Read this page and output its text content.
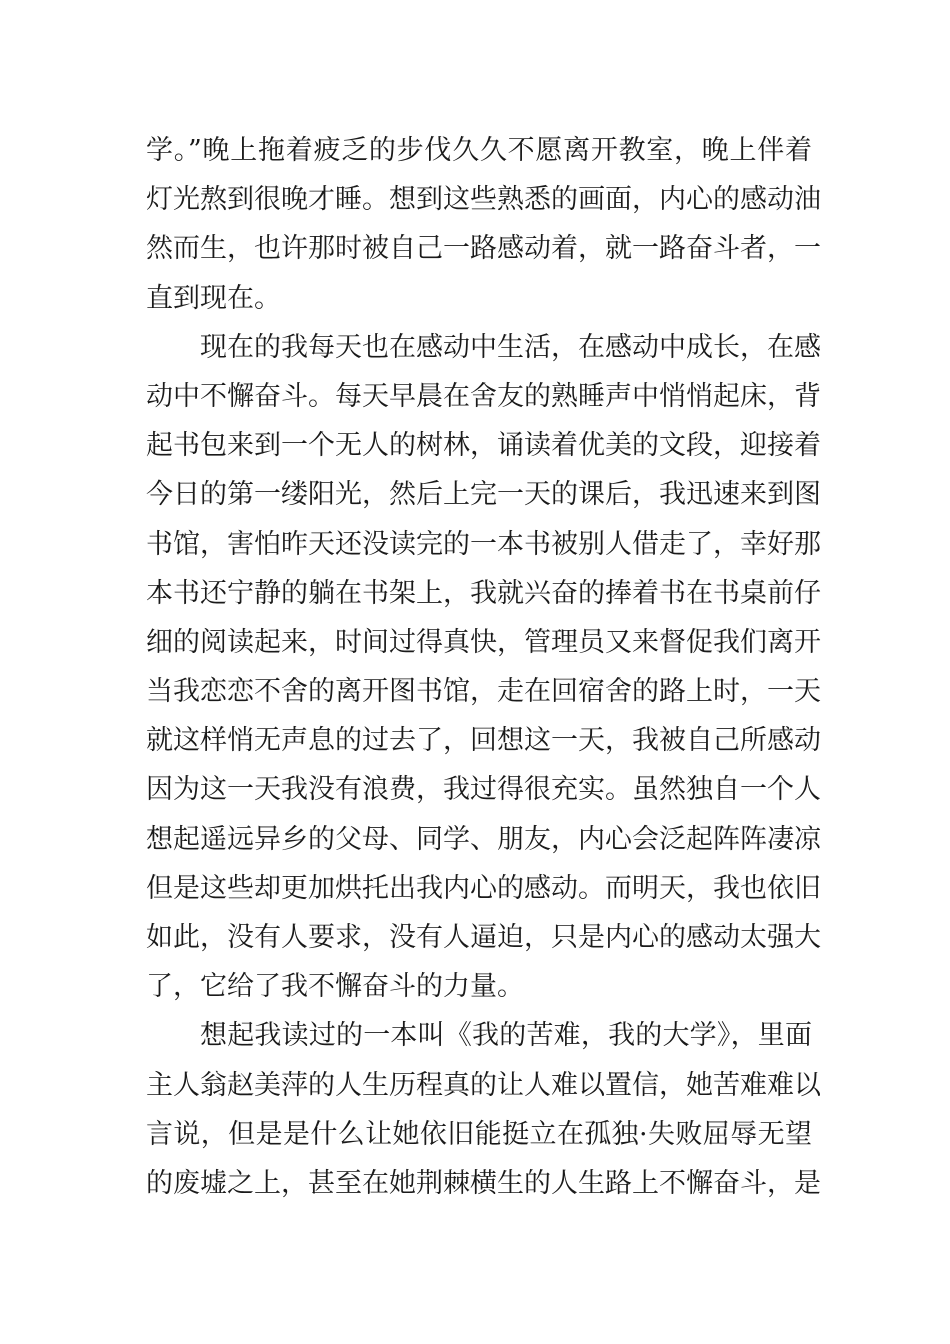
学。”晚上拖着疲乏的步伐久久不愿离开教室，晚上伴着
灯光熬到很晚才睡。想到这些熟悉的画面，内心的感动油
然而生，也许那时被自己一路感动着，就一路奋斗者，一
直到现在。
现在的我每天也在感动中生活，在感动中成长，在感
动中不懈奋斗。每天早晨在舍友的熟睡声中悄悄起床，背
起书包来到一个无人的树林，诵读着优美的文段，迎接着
今日的第一缕阳光，然后上完一天的课后，我迅速来到图
书馆，害怕昨天还没读完的一本书被别人借走了，幸好那
本书还宁静的躺在书架上，我就兴奋的捧着书在书桌前仔
细的阅读起来，时间过得真快，管理员又来督促我们离开
当我恋恋不舍的离开图书馆，走在回宿舍的路上时，一天
就这样悄无声息的过去了，回想这一天，我被自己所感动
因为这一天我没有浪费，我过得很充实。虽然独自一个人
想起遥远异乡的父母、同学、朋友，内心会泛起阵阵凄凉
但是这些却更加烘托出我内心的感动。而明天，我也依旧
如此，没有人要求，没有人逼迫，只是内心的感动太强大
了，它给了我不懈奋斗的力量。
想起我读过的一本叫《我的苦难，我的大学》，里面
主人翁赵美萍的人生历程真的让人难以置信，她苦难难以
言说，但是是什么让她依旧能挺立在孤独·失败屈辱无望
的废墟之上，甚至在她荆棘横生的人生路上不懈奋斗，是
